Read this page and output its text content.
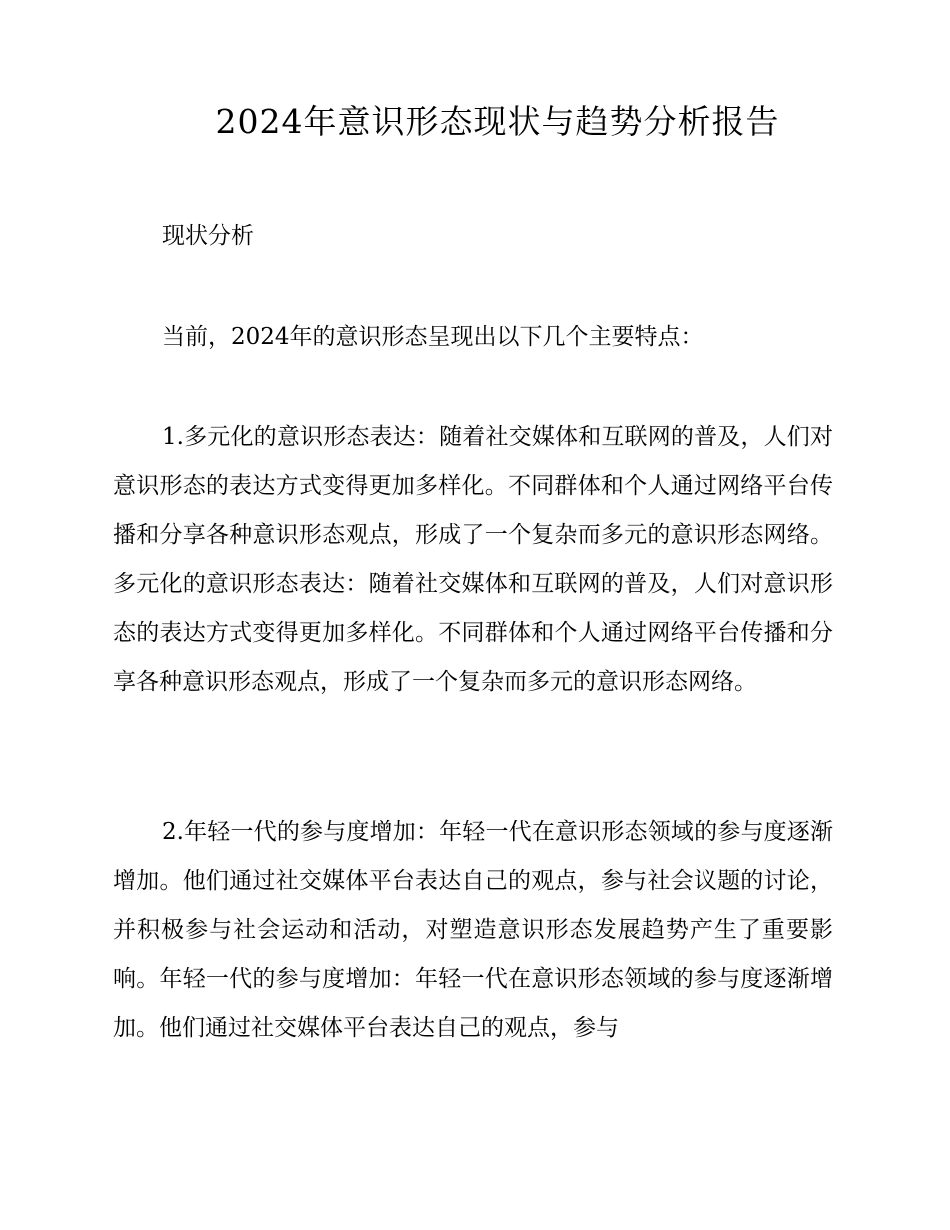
2024年意识形态现状与趋势分析报告
现状分析
当前，2024年的意识形态呈现出以下几个主要特点：

1.多元化的意识形态表达：随着社交媒体和互联网的普及，人们对意识形态的表达方式变得更加多样化。不同群体和个人通过网络平台传播和分享各种意识形态观点，形成了一个复杂而多元的意识形态网络。多元化的意识形态表达：随着社交媒体和互联网的普及，人们对意识形态的表达方式变得更加多样化。不同群体和个人通过网络平台传播和分享各种意识形态观点，形成了一个复杂而多元的意识形态网络。

2.年轻一代的参与度增加：年轻一代在意识形态领域的参与度逐渐增加。他们通过社交媒体平台表达自己的观点，参与社会议题的讨论，并积极参与社会运动和活动，对塑造意识形态发展趋势产生了重要影响。年轻一代的参与度增加：年轻一代在意识形态领域的参与度逐渐增加。他们通过社交媒体平台表达自己的观点，参与
